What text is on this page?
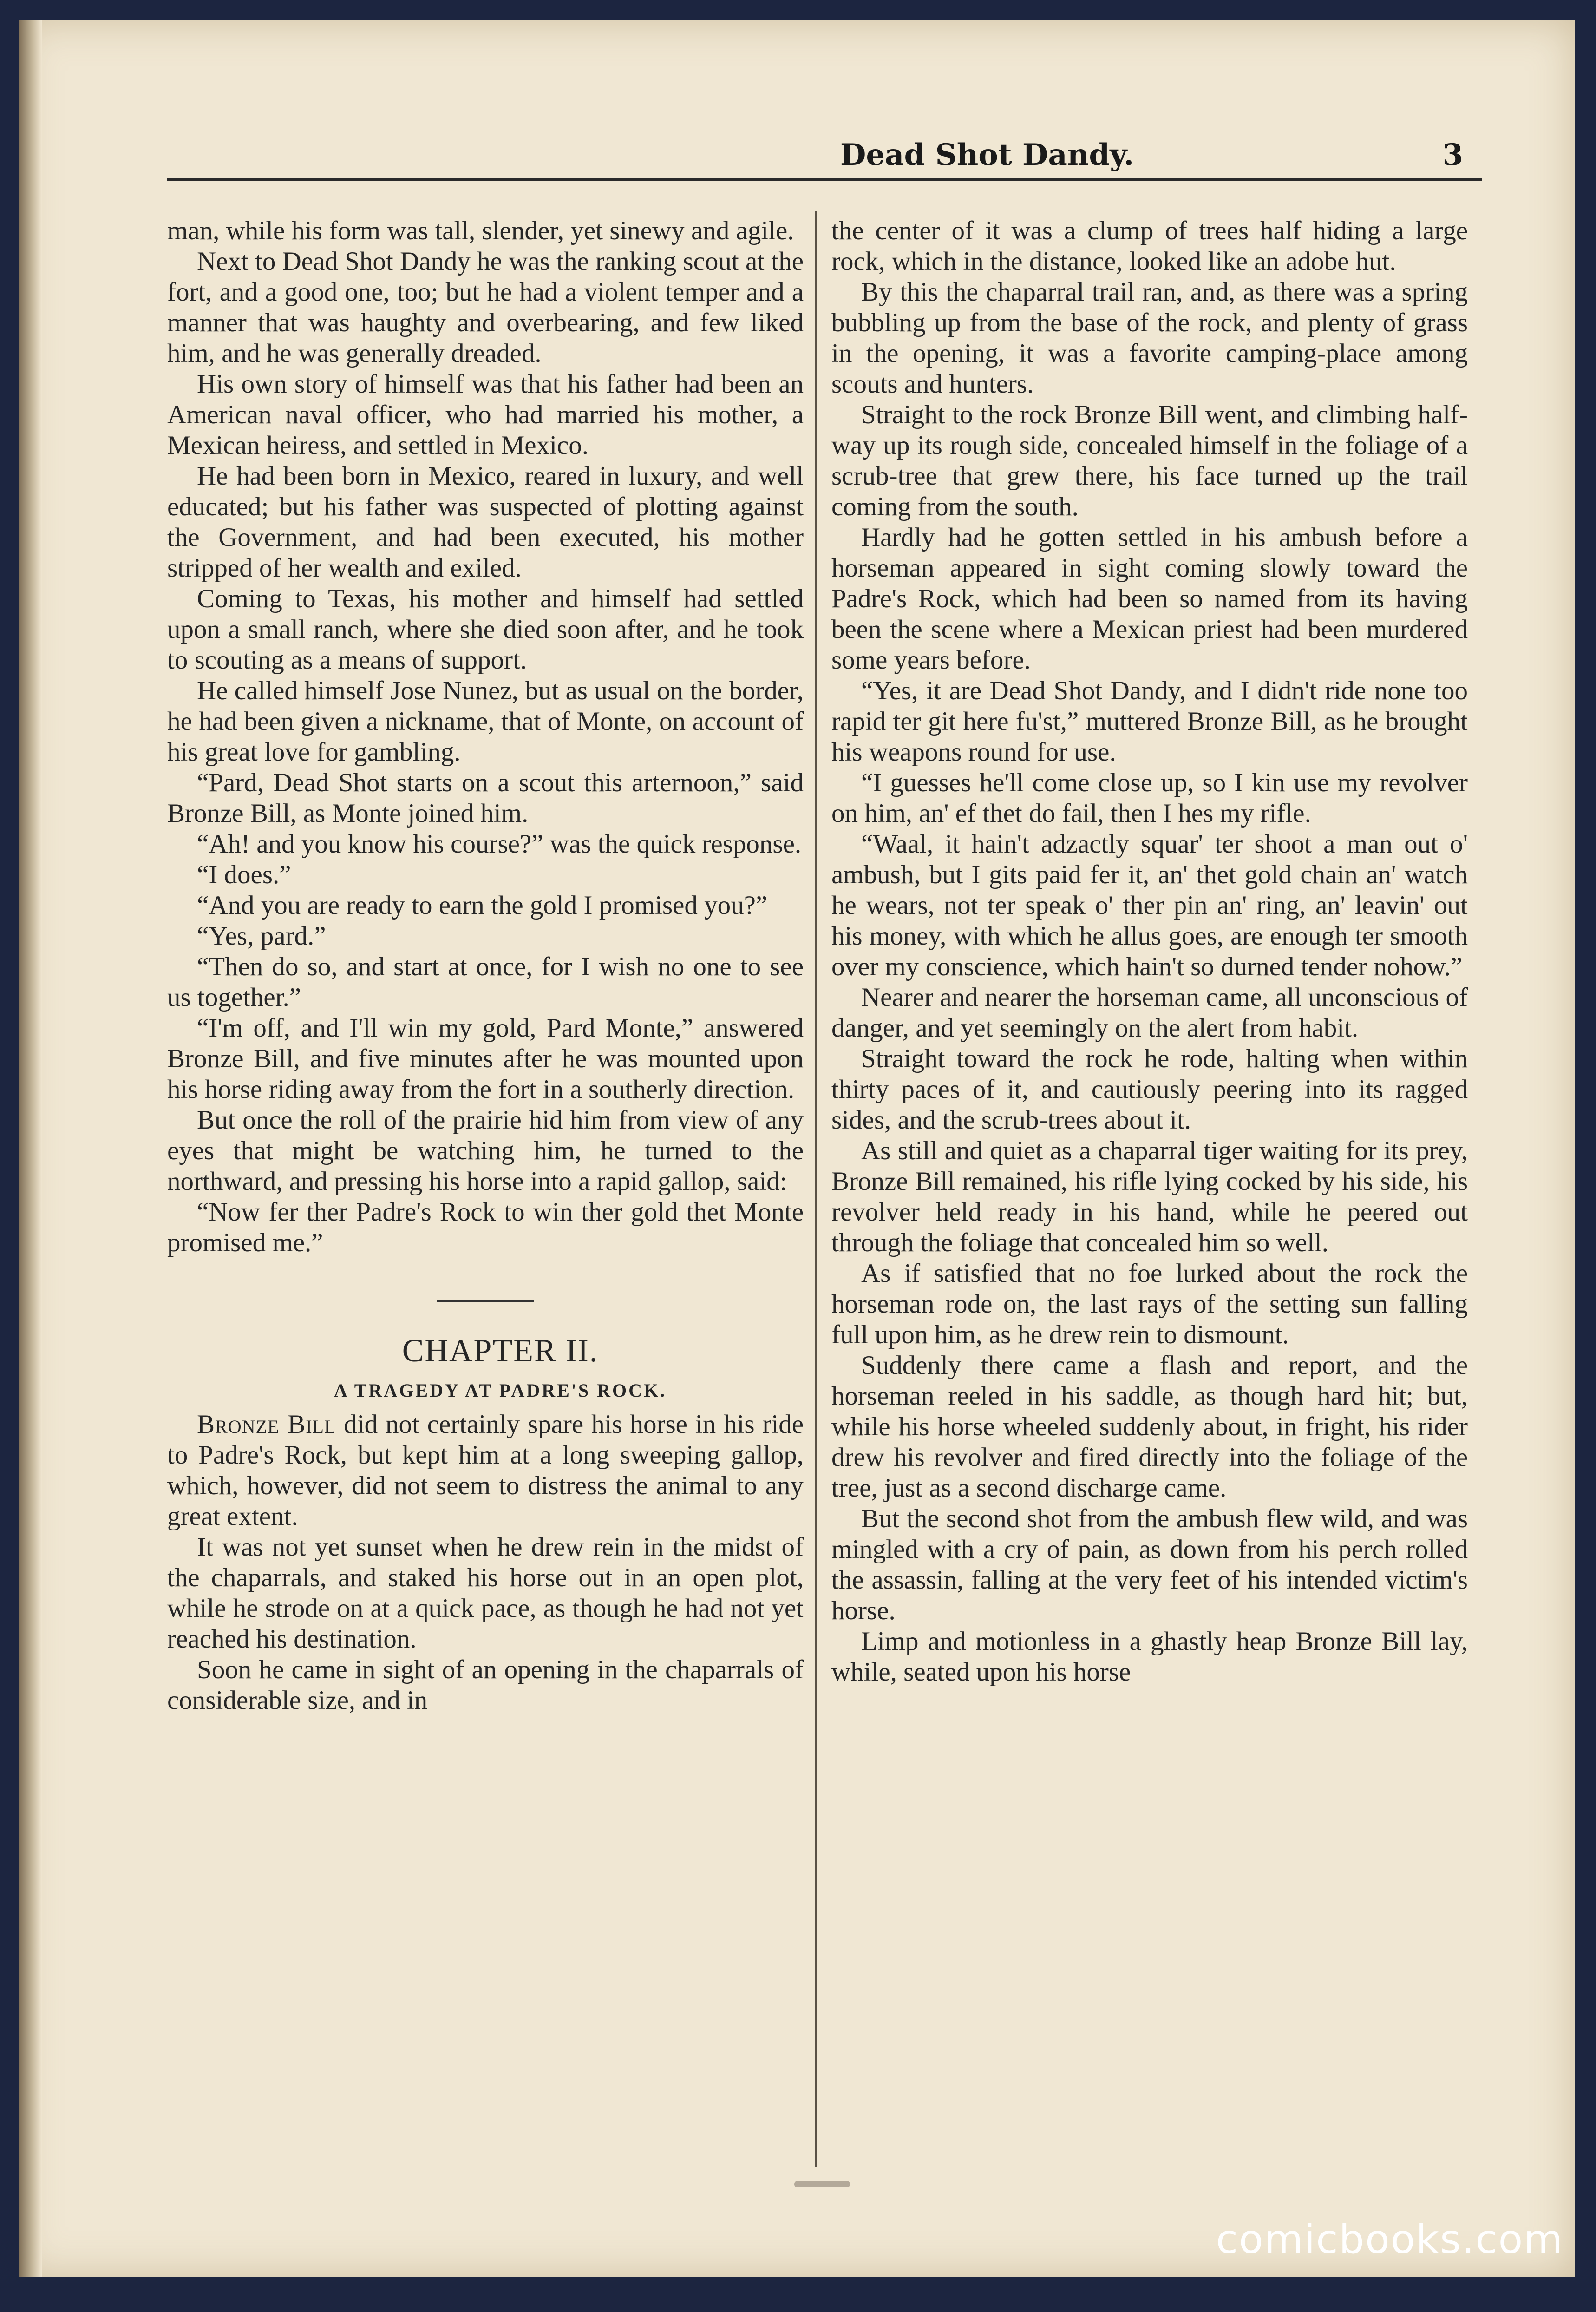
Dead Shot Dandy.	3

man, while his form was tall, slender, yet sinewy and agile.

Next to Dead Shot Dandy he was the ranking scout at the fort, and a good one, too; but he had a violent temper and a manner that was haughty and overbearing, and few liked him, and he was generally dreaded.

His own story of himself was that his father had been an American naval officer, who had married his mother, a Mexican heiress, and settled in Mexico.

He had been born in Mexico, reared in luxury, and well educated; but his father was suspected of plotting against the Government, and had been executed, his mother stripped of her wealth and exiled.

Coming to Texas, his mother and himself had settled upon a small ranch, where she died soon after, and he took to scouting as a means of support.

He called himself Jose Nunez, but as usual on the border, he had been given a nickname, that of Monte, on account of his great love for gambling.

“Pard, Dead Shot starts on a scout this arternoon,” said Bronze Bill, as Monte joined him.

“Ah! and you know his course?” was the quick response.

“I does.”

“And you are ready to earn the gold I promised you?”

“Yes, pard.”

“Then do so, and start at once, for I wish no one to see us together.”

“I'm off, and I'll win my gold, Pard Monte,” answered Bronze Bill, and five minutes after he was mounted upon his horse riding away from the fort in a southerly direction.

But once the roll of the prairie hid him from view of any eyes that might be watching him, he turned to the northward, and pressing his horse into a rapid gallop, said:

“Now fer ther Padre's Rock to win ther gold thet Monte promised me.”

CHAPTER II.

A TRAGEDY AT PADRE'S ROCK.

Bronze Bill did not certainly spare his horse in his ride to Padre's Rock, but kept him at a long sweeping gallop, which, however, did not seem to distress the animal to any great extent.

It was not yet sunset when he drew rein in the midst of the chaparrals, and staked his horse out in an open plot, while he strode on at a quick pace, as though he had not yet reached his destination.

Soon he came in sight of an opening in the chaparrals of considerable size, and in

the center of it was a clump of trees half hiding a large rock, which in the distance, looked like an adobe hut.

By this the chaparral trail ran, and, as there was a spring bubbling up from the base of the rock, and plenty of grass in the opening, it was a favorite camping-place among scouts and hunters.

Straight to the rock Bronze Bill went, and climbing half-way up its rough side, concealed himself in the foliage of a scrub-tree that grew there, his face turned up the trail coming from the south.

Hardly had he gotten settled in his ambush before a horseman appeared in sight coming slowly toward the Padre's Rock, which had been so named from its having been the scene where a Mexican priest had been murdered some years before.

“Yes, it are Dead Shot Dandy, and I didn't ride none too rapid ter git here fu'st,” muttered Bronze Bill, as he brought his weapons round for use.

“I guesses he'll come close up, so I kin use my revolver on him, an' ef thet do fail, then I hes my rifle.

“Waal, it hain't adzactly squar' ter shoot a man out o' ambush, but I gits paid fer it, an' thet gold chain an' watch he wears, not ter speak o' ther pin an' ring, an' leavin' out his money, with which he allus goes, are enough ter smooth over my conscience, which hain't so durned tender nohow.”

Nearer and nearer the horseman came, all unconscious of danger, and yet seemingly on the alert from habit.

Straight toward the rock he rode, halting when within thirty paces of it, and cautiously peering into its ragged sides, and the scrub-trees about it.

As still and quiet as a chaparral tiger waiting for its prey, Bronze Bill remained, his rifle lying cocked by his side, his revolver held ready in his hand, while he peered out through the foliage that concealed him so well.

As if satisfied that no foe lurked about the rock the horseman rode on, the last rays of the setting sun falling full upon him, as he drew rein to dismount.

Suddenly there came a flash and report, and the horseman reeled in his saddle, as though hard hit; but, while his horse wheeled suddenly about, in fright, his rider drew his revolver and fired directly into the foliage of the tree, just as a second discharge came.

But the second shot from the ambush flew wild, and was mingled with a cry of pain, as down from his perch rolled the assassin, falling at the very feet of his intended victim's horse.

Limp and motionless in a ghastly heap Bronze Bill lay, while, seated upon his horse

comicbooks.com
